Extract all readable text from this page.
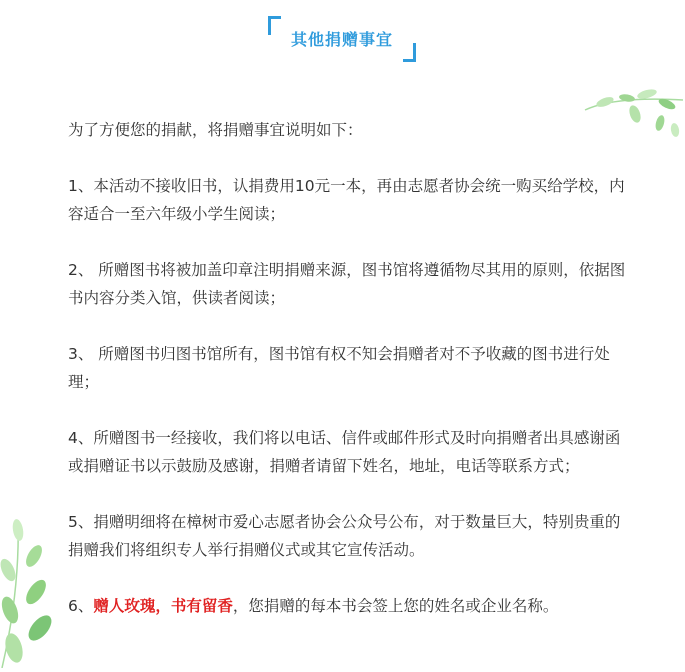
其他捐赠事宜

为了方便您的捐献，将捐赠事宜说明如下：

1、本活动不接收旧书，认捐费用10元一本，再由志愿者协会统一购买给学校，内容适合一至六年级小学生阅读；

2、 所赠图书将被加盖印章注明捐赠来源，图书馆将遵循物尽其用的原则，依据图书内容分类入馆，供读者阅读；

3、 所赠图书归图书馆所有，图书馆有权不知会捐赠者对不予收藏的图书进行处理；

4、所赠图书一经接收，我们将以电话、信件或邮件形式及时向捐赠者出具感谢函或捐赠证书以示鼓励及感谢，捐赠者请留下姓名，地址，电话等联系方式；

5、捐赠明细将在樟树市爱心志愿者协会公众号公布，对于数量巨大，特别贵重的捐赠我们将组织专人举行捐赠仪式或其它宣传活动。

6、赠人玫瑰，书有留香，您捐赠的每本书会签上您的姓名或企业名称。
